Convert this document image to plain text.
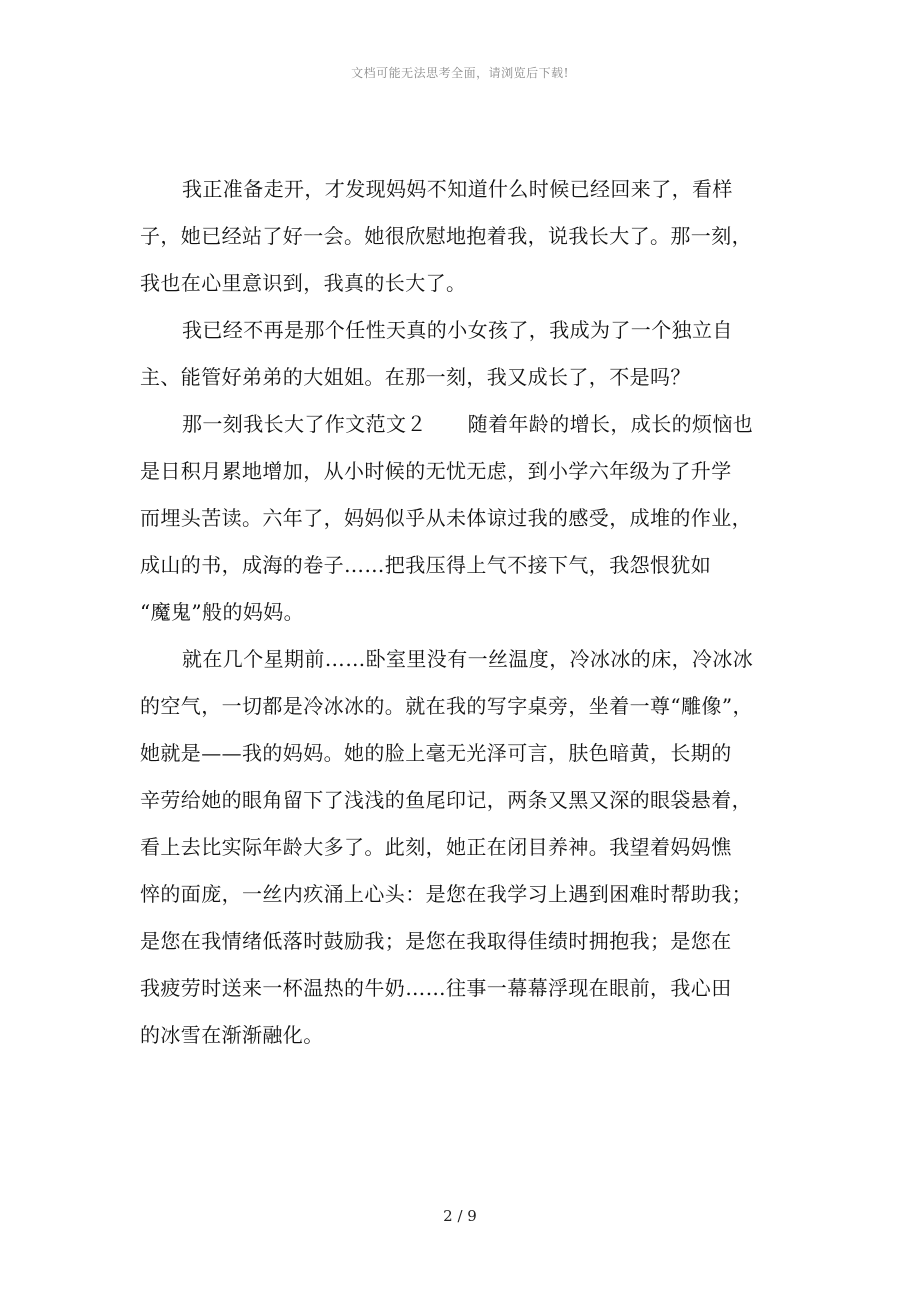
文档可能无法思考全面，请浏览后下载!
我正准备走开，才发现妈妈不知道什么时候已经回来了，看样
子，她已经站了好一会。她很欣慰地抱着我，说我长大了。那一刻，
我也在心里意识到，我真的长大了。
我已经不再是那个任性天真的小女孩了，我成为了一个独立自
主、能管好弟弟的大姐姐。在那一刻，我又成长了，不是吗？
那一刻我长大了作文范文２　　随着年龄的增长，成长的烦恼也
是日积月累地增加，从小时候的无忧无虑，到小学六年级为了升学
而埋头苦读。六年了，妈妈似乎从未体谅过我的感受，成堆的作业，
成山的书，成海的卷子……把我压得上气不接下气，我怨恨犹如
“魔鬼”般的妈妈。
就在几个星期前……卧室里没有一丝温度，冷冰冰的床，冷冰冰
的空气，一切都是冷冰冰的。就在我的写字桌旁，坐着一尊“雕像”，
她就是——我的妈妈。她的脸上毫无光泽可言，肤色暗黄，长期的
辛劳给她的眼角留下了浅浅的鱼尾印记，两条又黑又深的眼袋悬着，
看上去比实际年龄大多了。此刻，她正在闭目养神。我望着妈妈憔
悴的面庞，一丝内疚涌上心头：是您在我学习上遇到困难时帮助我；
是您在我情绪低落时鼓励我；是您在我取得佳绩时拥抱我；是您在
我疲劳时送来一杯温热的牛奶……往事一幕幕浮现在眼前，我心田
的冰雪在渐渐融化。
2 / 9
